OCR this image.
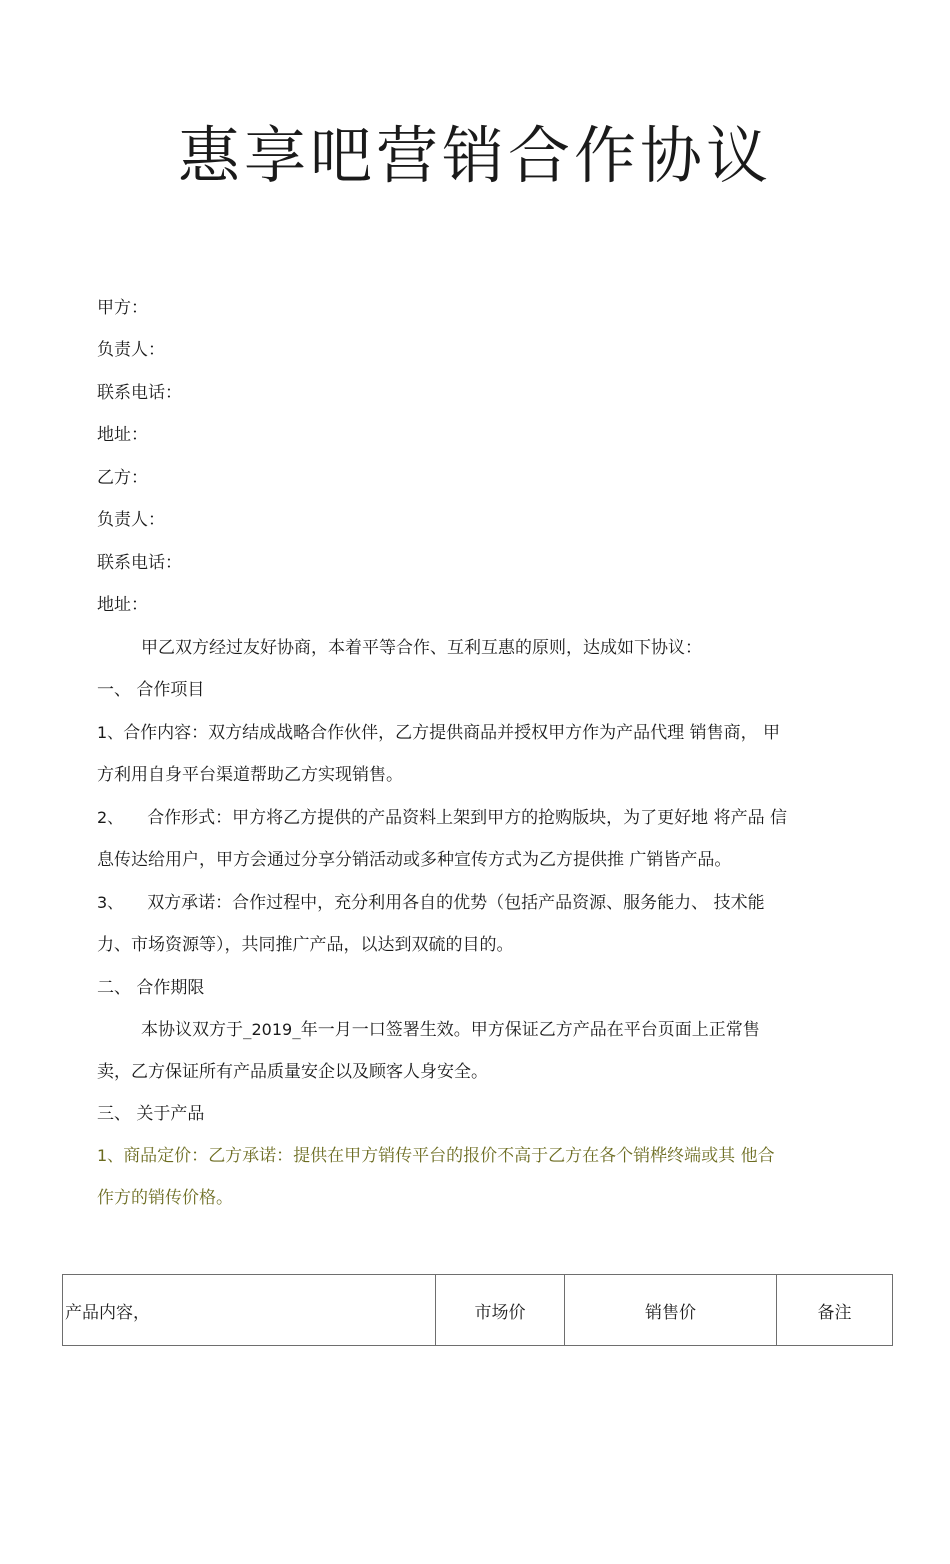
惠享吧营销合作协议

甲方：

负责人：

联系电话：

地址：

乙方：

负责人：

联系电话：

地址：

甲乙双方经过友好协商，本着平等合作、互利互惠的原则，达成如下协议：

一、 合作项目

1、合作内容：双方结成战略合作伙伴，乙方提供商品并授权甲方作为产品代理 销售商， 甲

方利用自身平台渠道帮助乙方实现销售。

2、 合作形式：甲方将乙方提供的产品资料上架到甲方的抢购版块，为了更好地 将产品 信

息传达给用户，甲方会通过分享分销活动或多种宣传方式为乙方提供推 广销皆产品。

3、 双方承诺：合作过程中，充分利用各自的优势（包括产品资源、服务能力、 技术能

力、市场资源等），共同推广产品，以达到双硫的目的。

二、 合作期限

本协议双方于_2019_年一月一口签署生效。甲方保证乙方产品在平台页面上正常售

卖，乙方保证所有产品质量安企以及顾客人身安全。

三、 关于产品

1、商品定价：乙方承诺：提供在甲方销传平台的报价不高于乙方在各个销桦终端或其 他合

作方的销传价格。

产品内容，	市场价	销售价	备注
